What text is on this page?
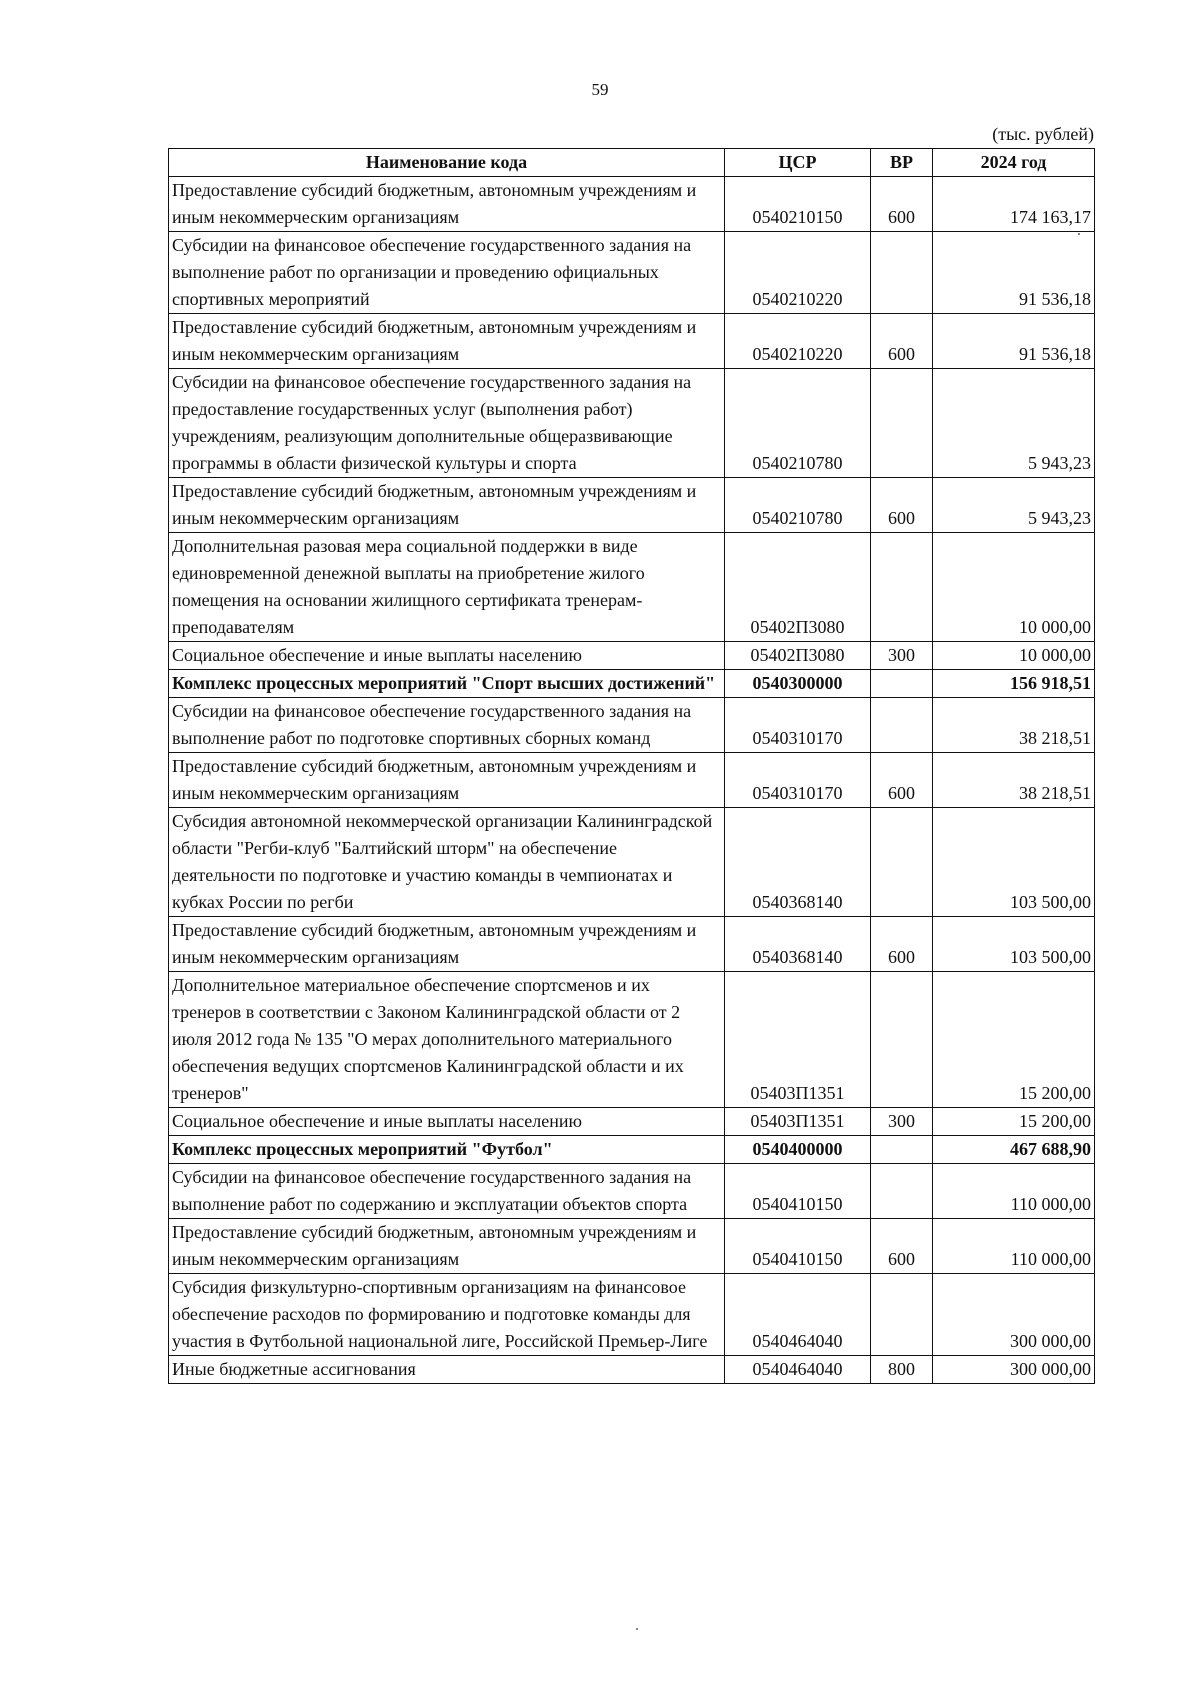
59
(тыс. рублей)
Наименование кода	ЦСР	ВР	2024 год
Предоставление субсидий бюджетным, автономным учреждениям и иным некоммерческим организациям	0540210150	600	174 163,17
Субсидии на финансовое обеспечение государственного задания на выполнение работ по организации и проведению официальных спортивных мероприятий	0540210220		91 536,18
Предоставление субсидий бюджетным, автономным учреждениям и иным некоммерческим организациям	0540210220	600	91 536,18
Субсидии на финансовое обеспечение государственного задания на предоставление государственных услуг (выполнения работ) учреждениям, реализующим дополнительные общеразвивающие программы в области физической культуры и спорта	0540210780		5 943,23
Предоставление субсидий бюджетным, автономным учреждениям и иным некоммерческим организациям	0540210780	600	5 943,23
Дополнительная разовая мера социальной поддержки в виде единовременной денежной выплаты на приобретение жилого помещения на основании жилищного сертификата тренерам-преподавателям	05402П3080		10 000,00
Социальное обеспечение и иные выплаты населению	05402П3080	300	10 000,00
Комплекс процессных мероприятий "Спорт высших достижений"	0540300000		156 918,51
Субсидии на финансовое обеспечение государственного задания на выполнение работ по подготовке спортивных сборных команд	0540310170		38 218,51
Предоставление субсидий бюджетным, автономным учреждениям и иным некоммерческим организациям	0540310170	600	38 218,51
Субсидия автономной некоммерческой организации Калининградской области "Регби-клуб "Балтийский шторм" на обеспечение деятельности по подготовке и участию команды в чемпионатах и кубках России по регби	0540368140		103 500,00
Предоставление субсидий бюджетным, автономным учреждениям и иным некоммерческим организациям	0540368140	600	103 500,00
Дополнительное материальное обеспечение спортсменов и их тренеров в соответствии с Законом Калининградской области от 2 июля 2012 года № 135 "О мерах дополнительного материального обеспечения ведущих спортсменов Калининградской области и их тренеров"	05403П1351		15 200,00
Социальное обеспечение и иные выплаты населению	05403П1351	300	15 200,00
Комплекс процессных мероприятий "Футбол"	0540400000		467 688,90
Субсидии на финансовое обеспечение государственного задания на выполнение работ по содержанию и эксплуатации объектов спорта	0540410150		110 000,00
Предоставление субсидий бюджетным, автономным учреждениям и иным некоммерческим организациям	0540410150	600	110 000,00
Субсидия физкультурно-спортивным организациям на финансовое обеспечение расходов по формированию и подготовке команды для участия в Футбольной национальной лиге, Российской Премьер-Лиге	0540464040		300 000,00
Иные бюджетные ассигнования	0540464040	800	300 000,00
